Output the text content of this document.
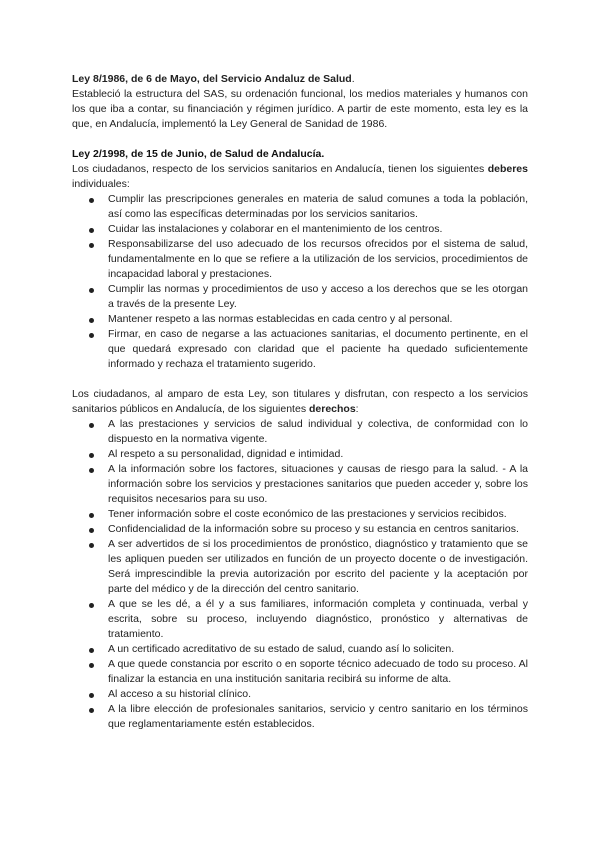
Ley 8/1986, de 6 de Mayo, del Servicio Andaluz de Salud.

Estableció la estructura del SAS, su ordenación funcional, los medios materiales y humanos con los que iba a contar, su financiación y régimen jurídico. A partir de este momento, esta ley es la que, en Andalucía, implementó la Ley General de Sanidad de 1986.

Ley 2/1998, de 15 de Junio, de Salud de Andalucía.

Los ciudadanos, respecto de los servicios sanitarios en Andalucía, tienen los siguientes deberes individuales:

Cumplir las prescripciones generales en materia de salud comunes a toda la población, así como las específicas determinadas por los servicios sanitarios.
Cuidar las instalaciones y colaborar en el mantenimiento de los centros.
Responsabilizarse del uso adecuado de los recursos ofrecidos por el sistema de salud, fundamentalmente en lo que se refiere a la utilización de los servicios, procedimientos de incapacidad laboral y prestaciones.
Cumplir las normas y procedimientos de uso y acceso a los derechos que se les otorgan a través de la presente Ley.
Mantener respeto a las normas establecidas en cada centro y al personal.
Firmar, en caso de negarse a las actuaciones sanitarias, el documento pertinente, en el que quedará expresado con claridad que el paciente ha quedado suficientemente informado y rechaza el tratamiento sugerido.

Los ciudadanos, al amparo de esta Ley, son titulares y disfrutan, con respecto a los servicios sanitarios públicos en Andalucía, de los siguientes derechos:

A las prestaciones y servicios de salud individual y colectiva, de conformidad con lo dispuesto en la normativa vigente.
Al respeto a su personalidad, dignidad e intimidad.
A la información sobre los factores, situaciones y causas de riesgo para la salud. - A la información sobre los servicios y prestaciones sanitarios que pueden acceder y, sobre los requisitos necesarios para su uso.
Tener información sobre el coste económico de las prestaciones y servicios recibidos.
Confidencialidad de la información sobre su proceso y su estancia en centros sanitarios.
A ser advertidos de si los procedimientos de pronóstico, diagnóstico y tratamiento que se les apliquen pueden ser utilizados en función de un proyecto docente o de investigación. Será imprescindible la previa autorización por escrito del paciente y la aceptación por parte del médico y de la dirección del centro sanitario.
A que se les dé, a él y a sus familiares, información completa y continuada, verbal y escrita, sobre su proceso, incluyendo diagnóstico, pronóstico y alternativas de tratamiento.
A un certificado acreditativo de su estado de salud, cuando así lo soliciten.
A que quede constancia por escrito o en soporte técnico adecuado de todo su proceso. Al finalizar la estancia en una institución sanitaria recibirá su informe de alta.
Al acceso a su historial clínico.
A la libre elección de profesionales sanitarios, servicio y centro sanitario en los términos que reglamentariamente estén establecidos.
